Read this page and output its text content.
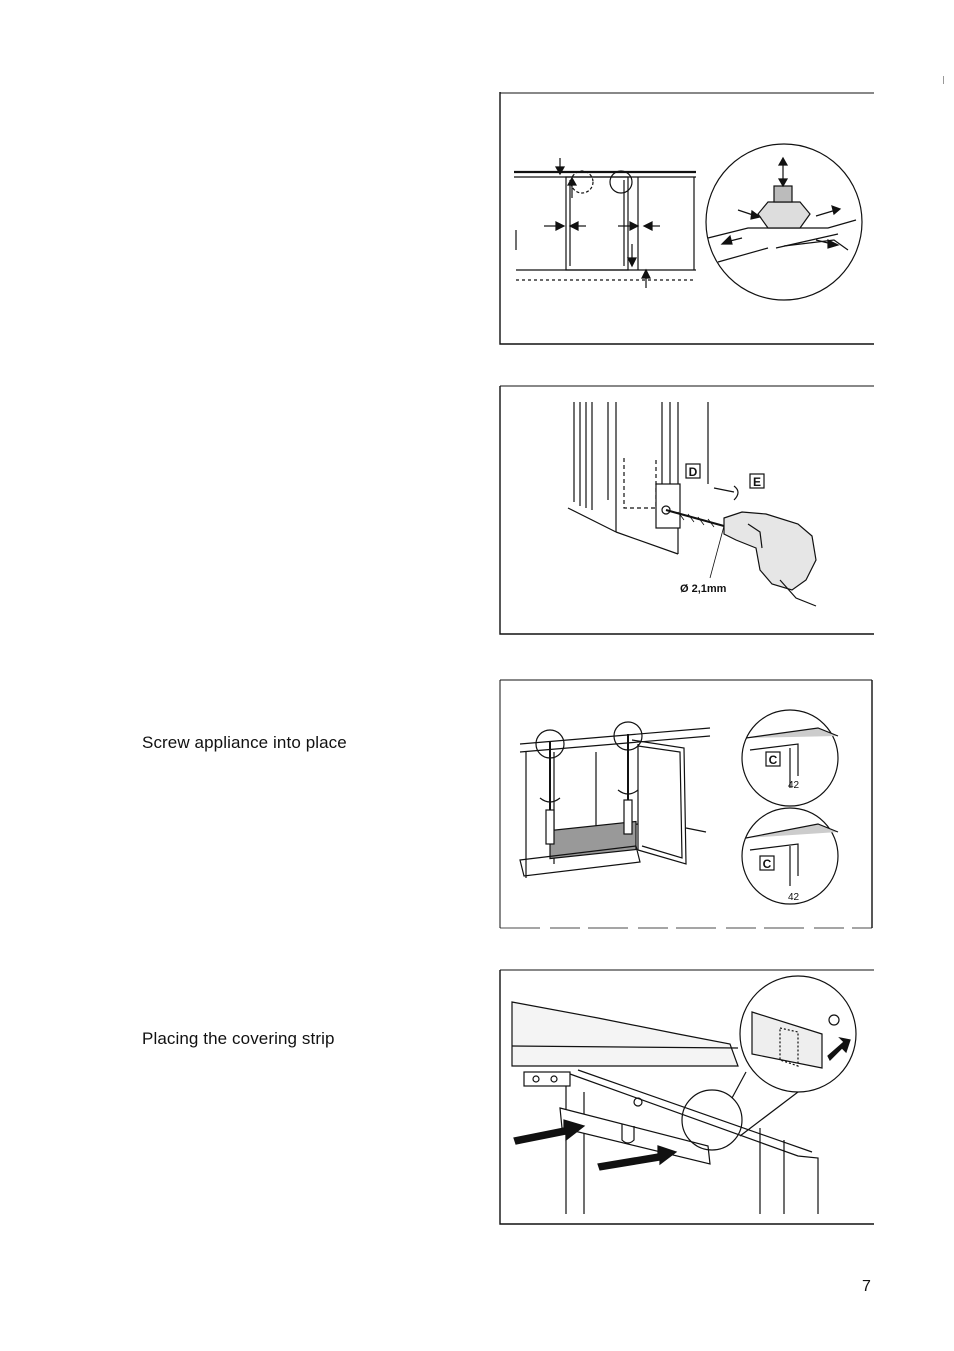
D
E
Ø 2,1mm
Screw appliance into place
C
42
C
42
Placing the covering strip
7
